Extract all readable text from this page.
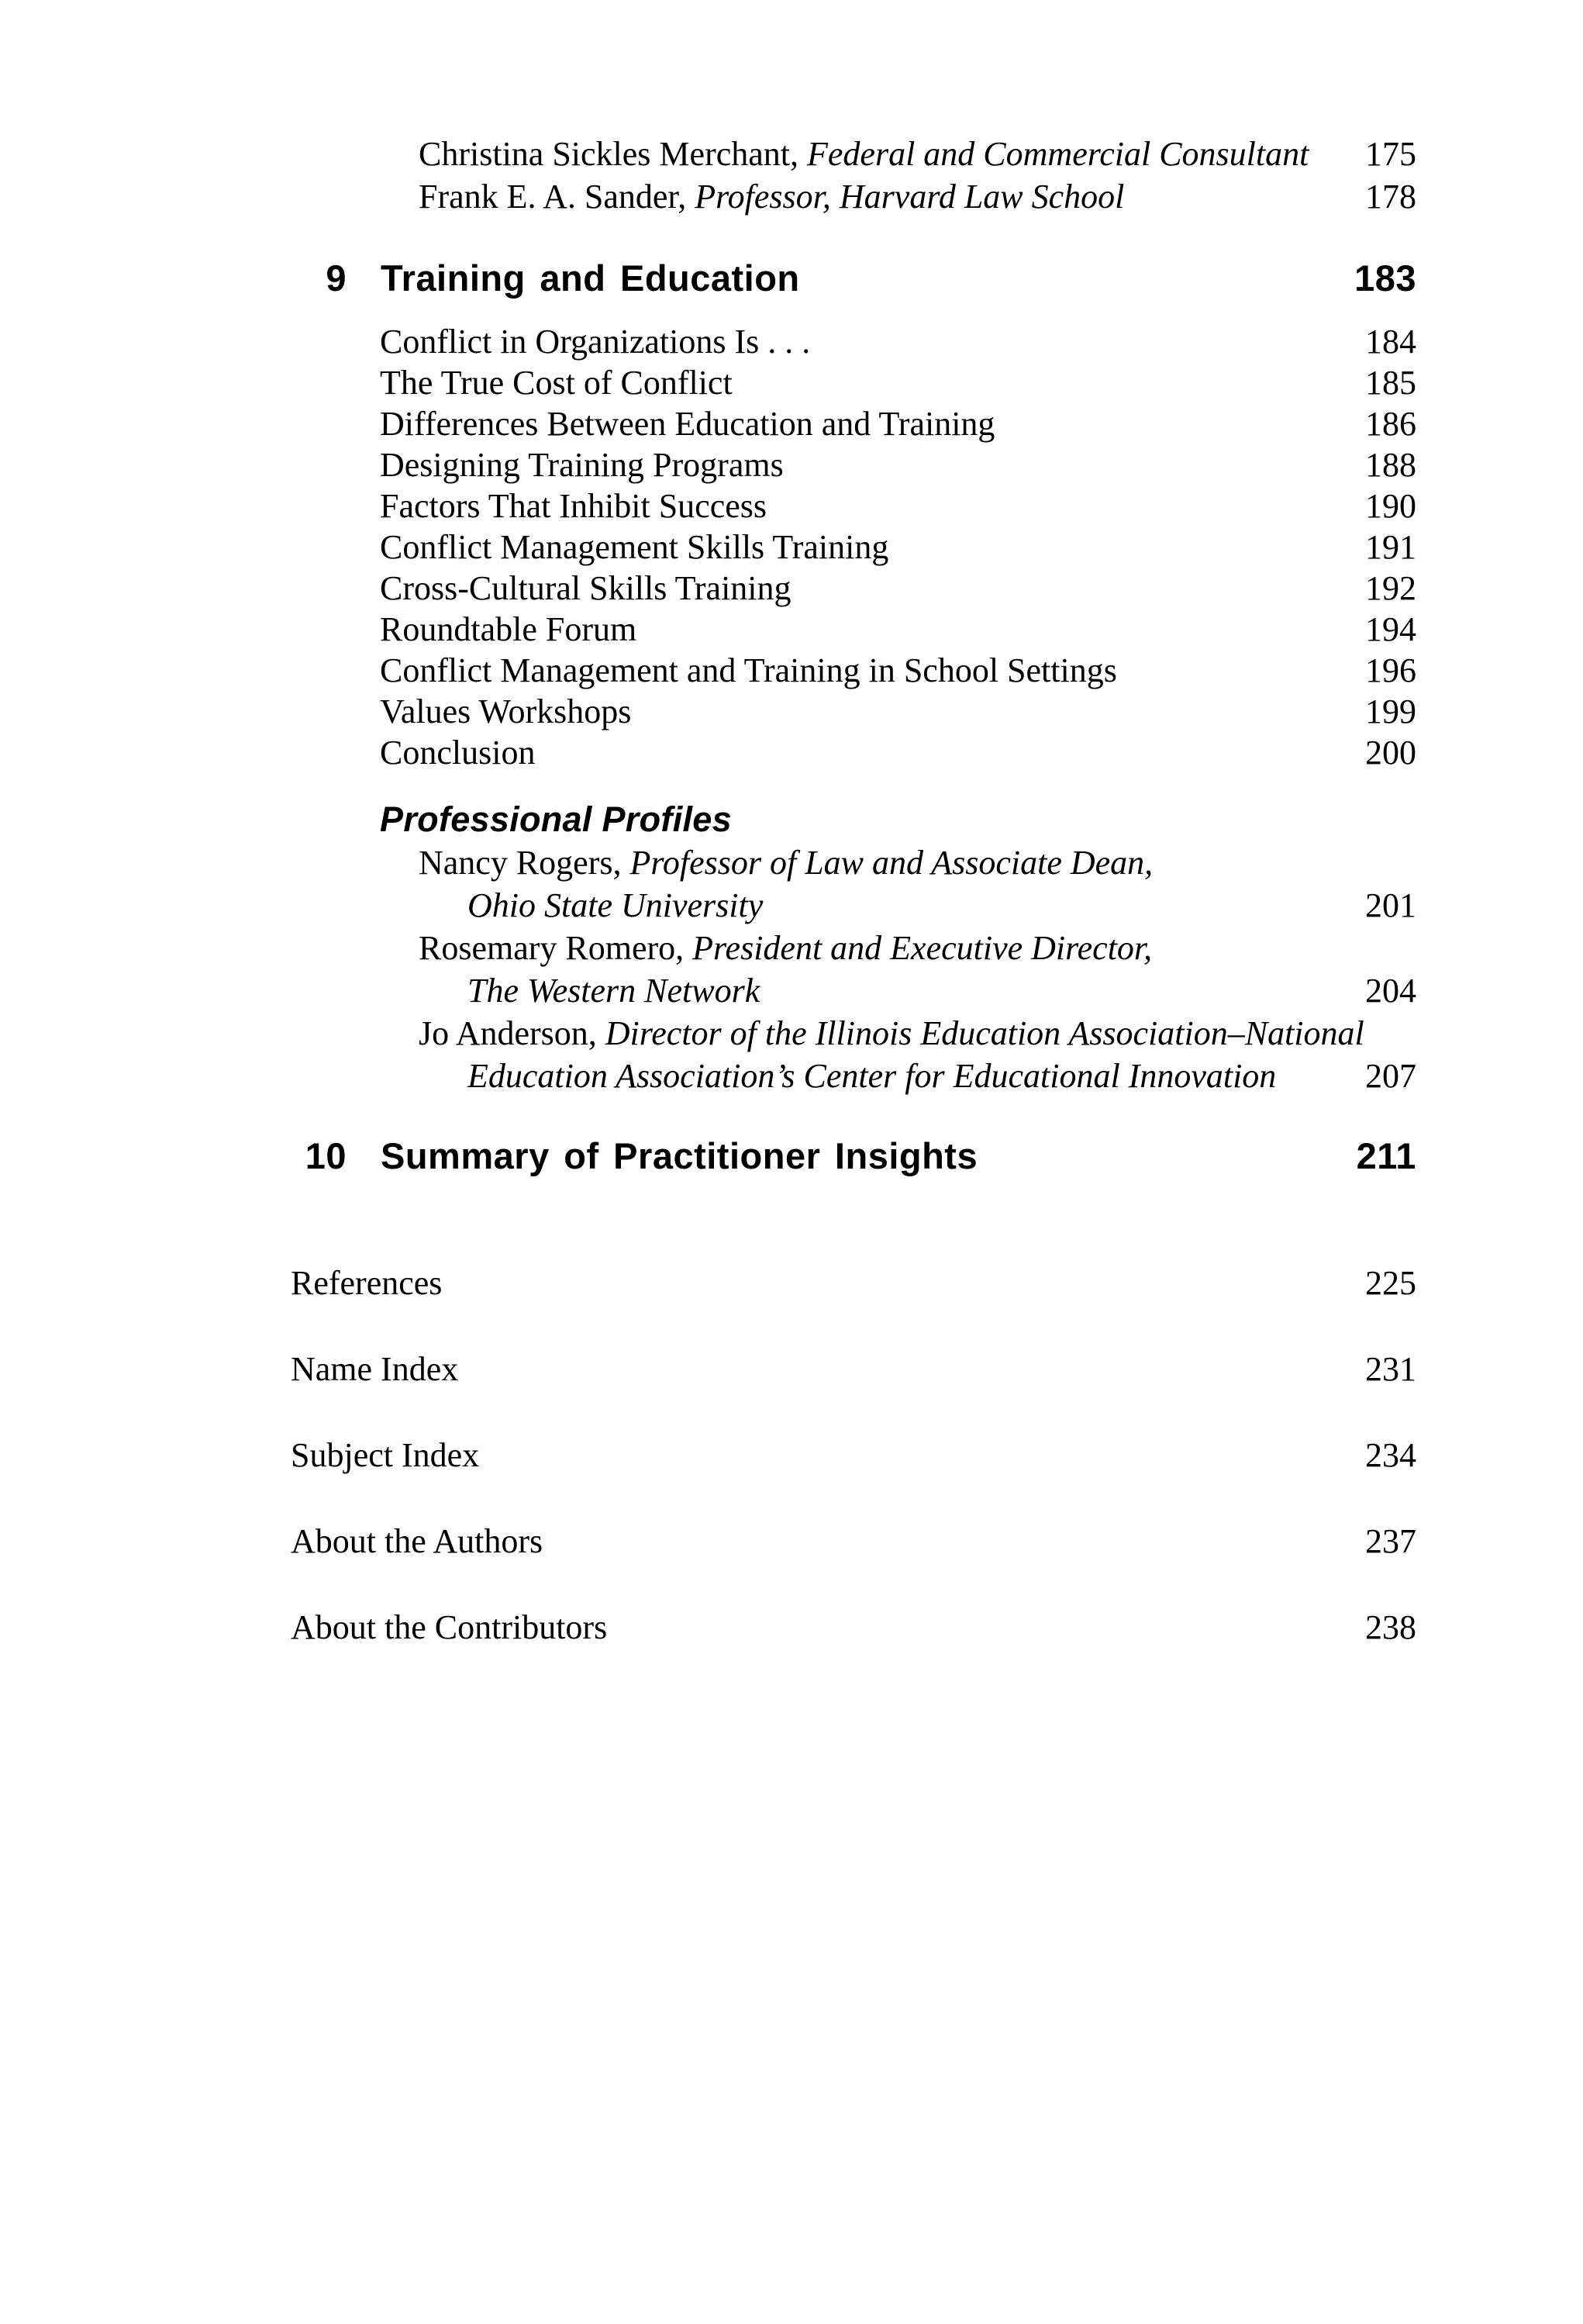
Christina Sickles Merchant, Federal and Commercial Consultant 175
Frank E. A. Sander, Professor, Harvard Law School	178
9 Training and Education	183
Conflict in Organizations Is . . .	184
The True Cost of Conflict	185
Differences Between Education and Training	186
Designing Training Programs	188
Factors That Inhibit Success	190
Conflict Management Skills Training	191
Cross-Cultural Skills Training	192
Roundtable Forum	194
Conflict Management and Training in School Settings	196
Values Workshops	199
Conclusion	200
Professional Profiles
Nancy Rogers, Professor of Law and Associate Dean,
Ohio State University	201
Rosemary Romero, President and Executive Director,
The Western Network	204
Jo Anderson, Director of the Illinois Education Association–National
Education Association’s Center for Educational Innovation	207
10 Summary of Practitioner Insights	211
References	225
Name Index	231
Subject Index	234
About the Authors	237
About the Contributors	238
